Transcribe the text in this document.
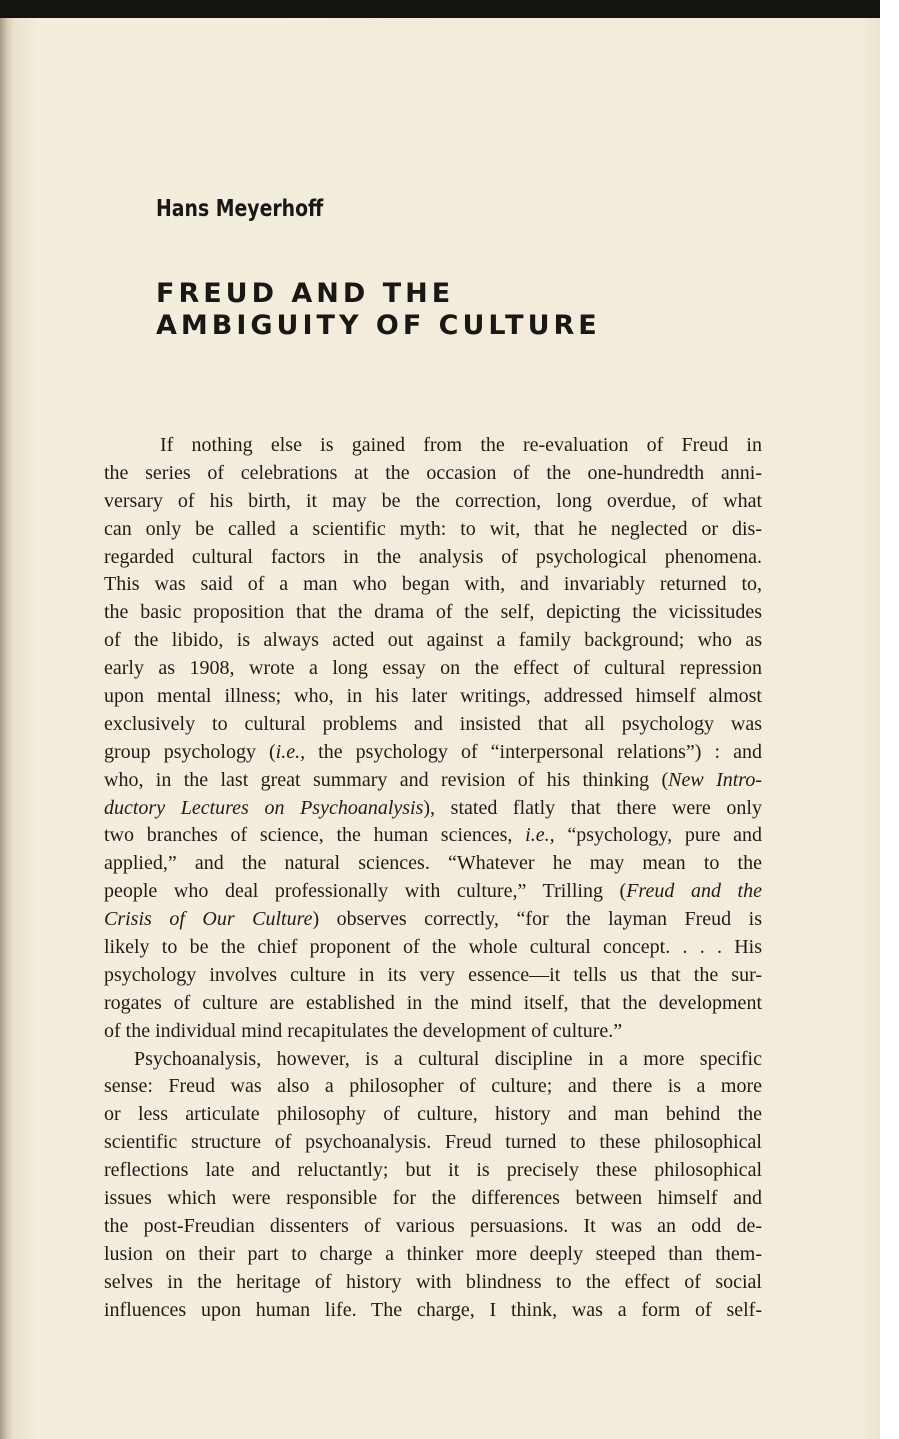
Hans Meyerhoff
FREUD AND THE
AMBIGUITY OF CULTURE
If nothing else is gained from the re-evaluation of Freud in
the series of celebrations at the occasion of the one-hundredth anni-
versary of his birth, it may be the correction, long overdue, of what
can only be called a scientific myth: to wit, that he neglected or dis-
regarded cultural factors in the analysis of psychological phenomena.
This was said of a man who began with, and invariably returned to,
the basic proposition that the drama of the self, depicting the vicissitudes
of the libido, is always acted out against a family background; who as
early as 1908, wrote a long essay on the effect of cultural repression
upon mental illness; who, in his later writings, addressed himself almost
exclusively to cultural problems and insisted that all psychology was
group psychology (i.e., the psychology of “interpersonal relations”) : and
who, in the last great summary and revision of his thinking (New Intro-
ductory Lectures on Psychoanalysis), stated flatly that there were only
two branches of science, the human sciences, i.e., “psychology, pure and
applied,” and the natural sciences. “Whatever he may mean to the
people who deal professionally with culture,” Trilling (Freud and the
Crisis of Our Culture) observes correctly, “for the layman Freud is
likely to be the chief proponent of the whole cultural concept. . . . His
psychology involves culture in its very essence—it tells us that the sur-
rogates of culture are established in the mind itself, that the development
of the individual mind recapitulates the development of culture.”
Psychoanalysis, however, is a cultural discipline in a more specific
sense: Freud was also a philosopher of culture; and there is a more
or less articulate philosophy of culture, history and man behind the
scientific structure of psychoanalysis. Freud turned to these philosophical
reflections late and reluctantly; but it is precisely these philosophical
issues which were responsible for the differences between himself and
the post-Freudian dissenters of various persuasions. It was an odd de-
lusion on their part to charge a thinker more deeply steeped than them-
selves in the heritage of history with blindness to the effect of social
influences upon human life. The charge, I think, was a form of self-
